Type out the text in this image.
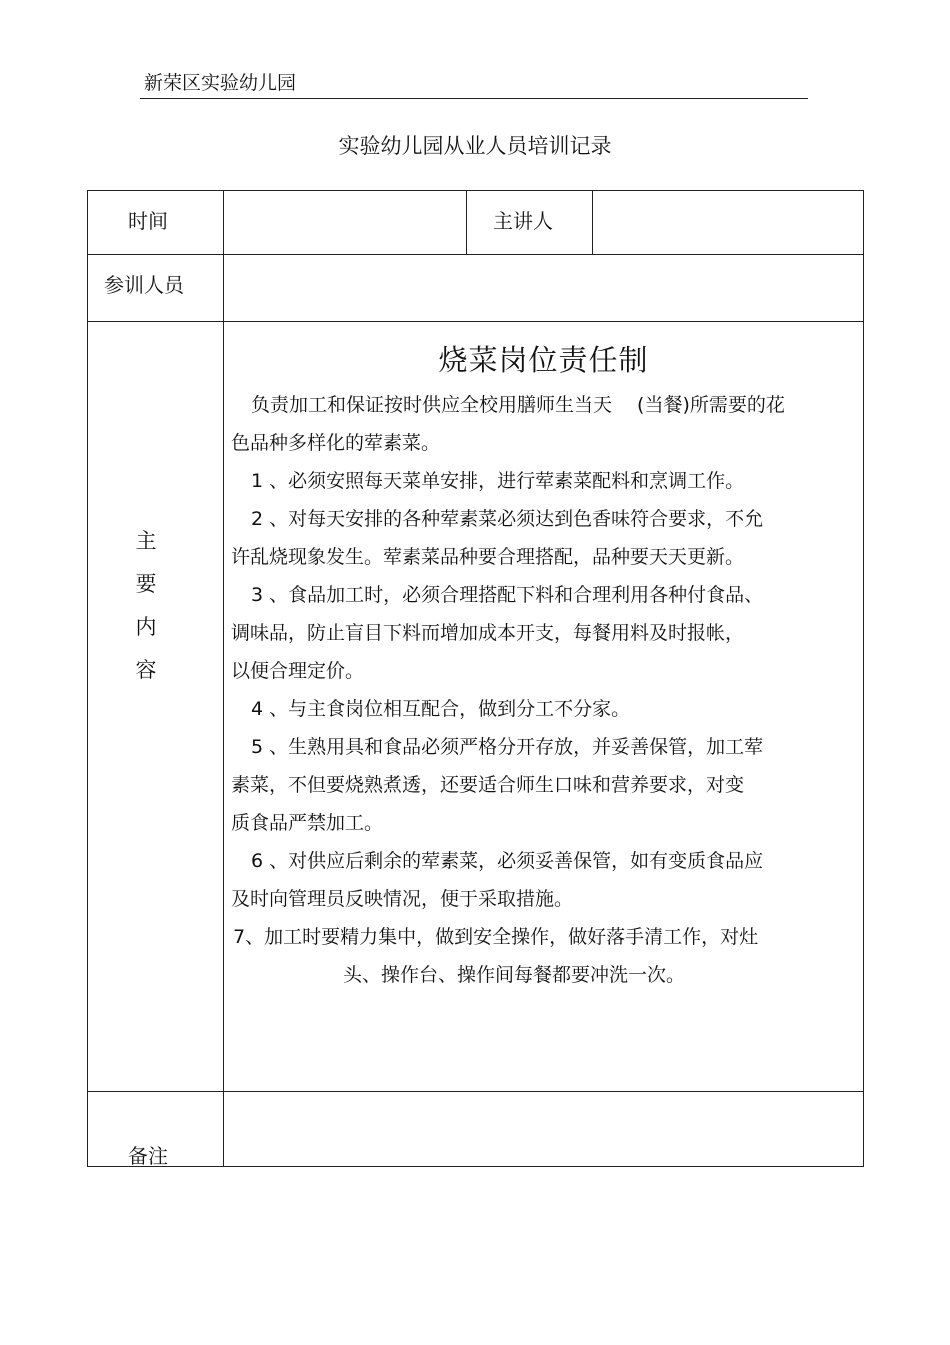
新荣区实验幼儿园
实验幼儿园从业人员培训记录
时间	主讲人
参训人员
主
要
内
容
备注
烧菜岗位责任制

负责加工和保证按时供应全校用膳师生当天　 (当餐)所需要的花

色品种多样化的荤素菜。

1 、必须安照每天菜单安排，进行荤素菜配料和烹调工作。

2 、对每天安排的各种荤素菜必须达到色香味符合要求，不允

许乱烧现象发生。荤素菜品种要合理搭配，品种要天天更新。

3 、食品加工时，必须合理搭配下料和合理利用各种付食品、

调味品，防止盲目下料而增加成本开支，每餐用料及时报帐，

以便合理定价。

4 、与主食岗位相互配合，做到分工不分家。

5 、生熟用具和食品必须严格分开存放，并妥善保管，加工荤

素菜，不但要烧熟煮透，还要适合师生口味和营养要求，对变

质食品严禁加工。

6 、对供应后剩余的荤素菜，必须妥善保管，如有变质食品应

及时向管理员反映情况，便于采取措施。

7、加工时要精力集中，做到安全操作，做好落手清工作，对灶

头、操作台、操作间每餐都要冲洗一次。
